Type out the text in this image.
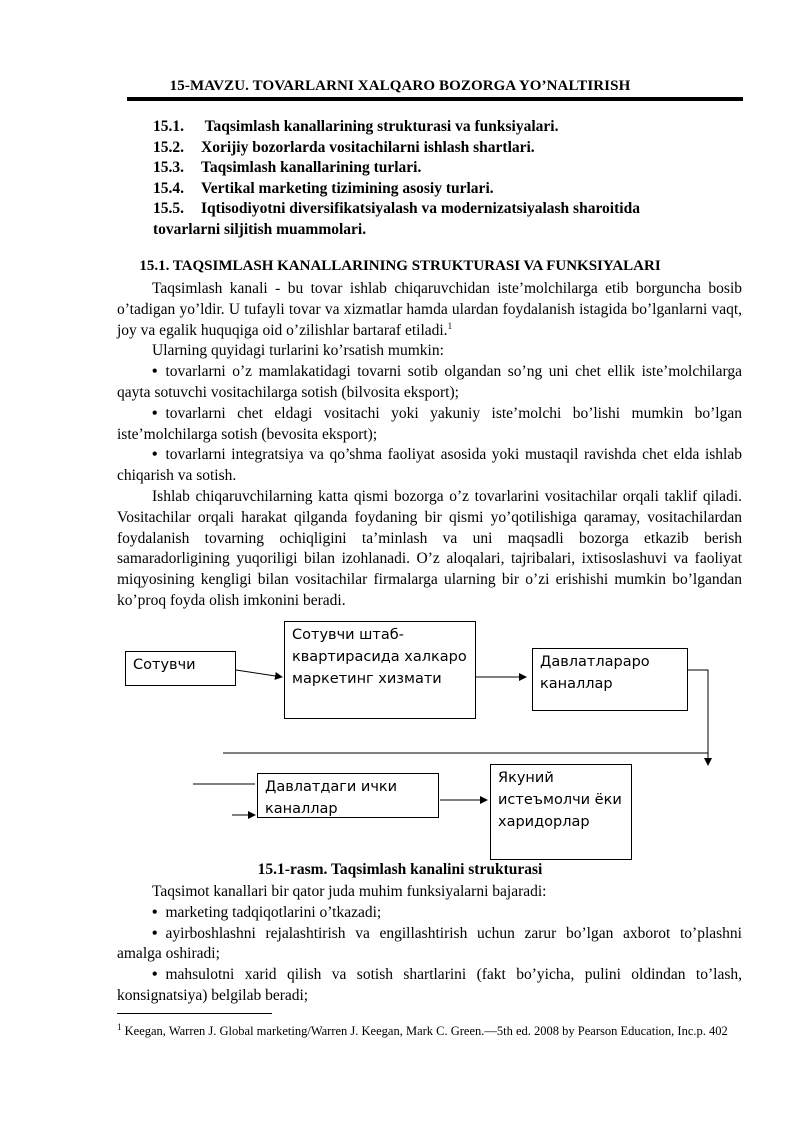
15-MAVZU. TOVARLARNI XALQARO BOZORGA YO’NALTIRISH
15.1. Taqsimlash kanallarining strukturasi va funksiyalari.
15.2. Xorijiy bozorlarda vositachilarni ishlash shartlari.
15.3. Taqsimlash kanallarining turlari.
15.4. Vertikal marketing tizimining asosiy turlari.
15.5. Iqtisodiyotni diversifikatsiyalash va modernizatsiyalash sharoitida
tovarlarni siljitish muammolari.
15.1. TAQSIMLASH KANALLARINING STRUKTURASI VA FUNKSIYALARI

Taqsimlash kanali - bu tovar ishlab chiqaruvchidan iste’molchilarga etib borguncha bosib o’tadigan yo’ldir. U tufayli tovar va xizmatlar hamda ulardan foydalanish istagida bo’lganlarni vaqt, joy va egalik huquqiga oid o’zilishlar bartaraf etiladi.$^1$

Ularning quyidagi turlarini ko’rsatish mumkin:

• tovarlarni o’z mamlakatidagi tovarni sotib olgandan so’ng uni chet ellik iste’molchilarga qayta sotuvchi vositachilarga sotish (bilvosita eksport);

• tovarlarni chet eldagi vositachi yoki yakuniy iste’molchi bo’lishi mumkin bo’lgan iste’molchilarga sotish (bevosita eksport);

• tovarlarni integratsiya va qo’shma faoliyat asosida yoki mustaqil ravishda chet elda ishlab chiqarish va sotish.

Ishlab chiqaruvchilarning katta qismi bozorga o’z tovarlarini vositachilar orqali taklif qiladi. Vositachilar orqali harakat qilganda foydaning bir qismi yo’qotilishiga qaramay, vositachilardan foydalanish tovarning ochiqligini ta’minlash va uni maqsadli bozorga etkazib berish samaradorligining yuqoriligi bilan izohlanadi. O’z aloqalari, tajribalari, ixtisoslashuvi va faoliyat miqyosining kengligi bilan vositachilar firmalarga ularning bir o’zi erishishi mumkin bo’lgandan ko’proq foyda olish imkonini beradi.

Сотувчи
Сотувчи штаб-квартирасида халкаро маркетинг хизмати
Давлатлараро каналлар
Давлатдаги ички каналлар
Якуний истеъмолчи ёки харидорлар
15.1-rasm. Taqsimlash kanalini strukturasi

Taqsimot kanallari bir qator juda muhim funksiyalarni bajaradi:

• marketing tadqiqotlarini o’tkazadi;

• ayirboshlashni rejalashtirish va engillashtirish uchun zarur bo’lgan axborot to’plashni amalga oshiradi;

• mahsulotni xarid qilish va sotish shartlarini (fakt bo’yicha, pulini oldindan to’lash, konsignatsiya) belgilab beradi;

$^1$ Keegan, Warren J. Global marketing/Warren J. Keegan, Mark C. Green.—5th ed. 2008 by Pearson Education, Inc.p. 402
